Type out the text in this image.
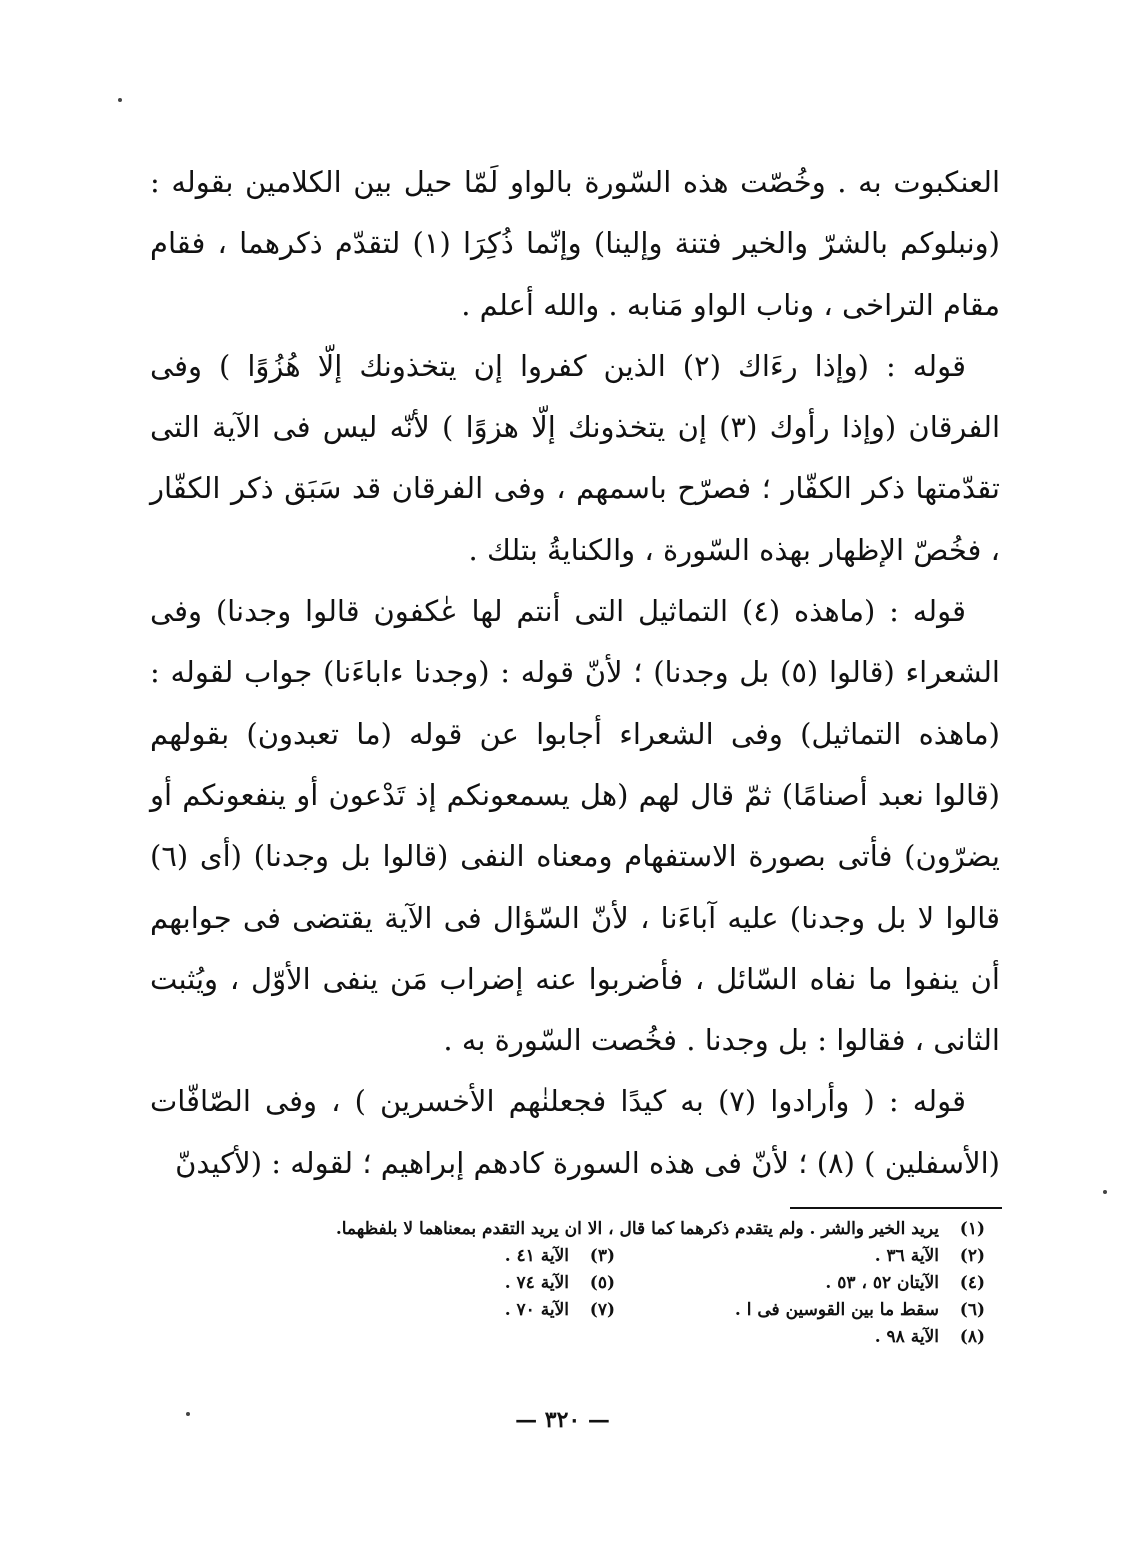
العنكبوت به . وخُصّت هذه السّورة بالواو لَمّا حيل بين الكلامين بقوله : (ونبلوكم بالشرّ والخير فتنة وإلينا) وإنّما ذُكِرَا (١) لتقدّم ذكرهما ، فقام مقام التراخى ، وناب الواو مَنابه . والله أعلم .

قوله : (وإذا رءَاك (٢) الذين كفروا إن يتخذونك إلّا هُزُوًا ) وفى الفرقان (وإذا رأوك (٣) إن يتخذونك إلّا هزوًا ) لأنّه ليس فى الآية التى تقدّمتها ذكر الكفّار ؛ فصرّح باسمهم ، وفى الفرقان قد سَبَق ذكر الكفّار ، فخُصّ الإظهار بهذه السّورة ، والكنايةُ بتلك .

قوله : (ماهذه (٤) التماثيل التى أنتم لها عٰكفون قالوا وجدنا) وفى الشعراء (قالوا (٥) بل وجدنا) ؛ لأنّ قوله : (وجدنا ءاباءَنا) جواب لقوله : (ماهذه التماثيل) وفى الشعراء أجابوا عن قوله (ما تعبدون) بقولهم (قالوا نعبد أصنامًا) ثمّ قال لهم (هل يسمعونكم إذ تَدْعون أو ينفعونكم أو يضرّون) فأتى بصورة الاستفهام ومعناه النفى (قالوا بل وجدنا) (أى (٦) قالوا لا بل وجدنا) عليه آباءَنا ، لأنّ السّؤال فى الآية يقتضى فى جوابهم أن ينفوا ما نفاه السّائل ، فأضربوا عنه إضراب مَن ينفى الأوّل ، ويُثبت الثانى ، فقالوا : بل وجدنا . فخُصت السّورة به .

قوله : ( وأرادوا (٧) به كيدًا فجعلنٰهم الأخسرين ) ، وفى الصّافّات (الأسفلين ) (٨) ؛ لأنّ فى هذه السورة كادهم إبراهيم ؛ لقوله : (لأكيدنّ

(١)
يريد الخير والشر . ولم يتقدم ذكرهما كما قال ، الا ان يريد التقدم بمعناهما لا بلفظهما.
(٢)
الآية ٣٦ .
(٣)
الآية ٤١ .
(٤)
الآيتان ٥٢ ، ٥٣ .
(٥)
الآية ٧٤ .
(٦)
سقط ما بين القوسين فى ا .
(٧)
الآية ٧٠ .
(٨)
الآية ٩٨ .
— ٣٢٠ —
